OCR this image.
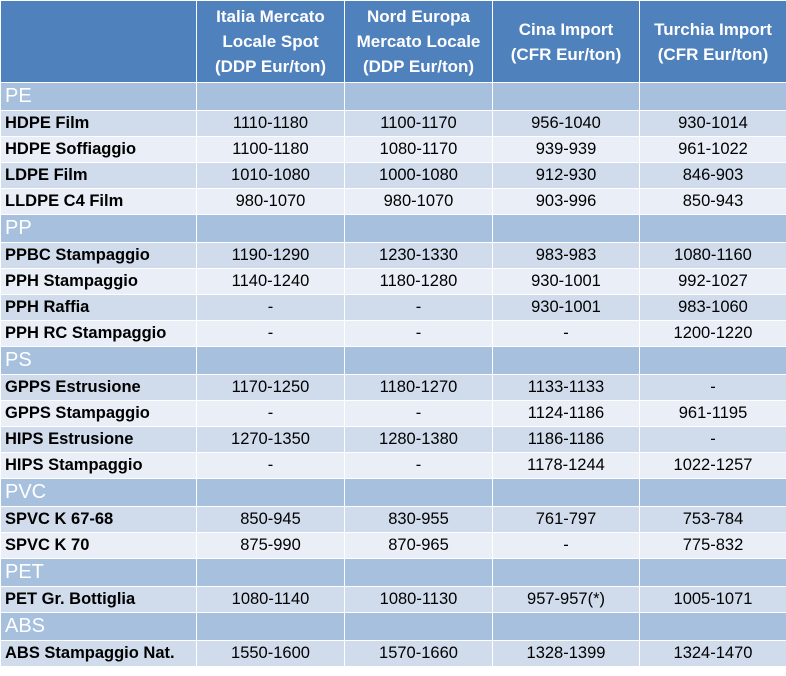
	Italia Mercato
Locale Spot
(DDP Eur/ton)	Nord Europa
Mercato Locale
(DDP Eur/ton)	Cina Import
(CFR Eur/ton)	Turchia Import
(CFR Eur/ton)

PE				
HDPE Film	1110-1180	1100-1170	956-1040	930-1014
HDPE Soffiaggio	1100-1180	1080-1170	939-939	961-1022
LDPE Film	1010-1080	1000-1080	912-930	846-903
LLDPE C4 Film	980-1070	980-1070	903-996	850-943
PP				
PPBC Stampaggio	1190-1290	1230-1330	983-983	1080-1160
PPH Stampaggio	1140-1240	1180-1280	930-1001	992-1027
PPH Raffia	-	-	930-1001	983-1060
PPH RC Stampaggio	-	-	-	1200-1220
PS				
GPPS Estrusione	1170-1250	1180-1270	1133-1133	-
GPPS Stampaggio	-	-	1124-1186	961-1195
HIPS Estrusione	1270-1350	1280-1380	1186-1186	-
HIPS Stampaggio	-	-	1178-1244	1022-1257
PVC				
SPVC K 67-68	850-945	830-955	761-797	753-784
SPVC K 70	875-990	870-965	-	775-832
PET				
PET Gr. Bottiglia	1080-1140	1080-1130	957-957(*)	1005-1071
ABS				
ABS Stampaggio Nat.	1550-1600	1570-1660	1328-1399	1324-1470
